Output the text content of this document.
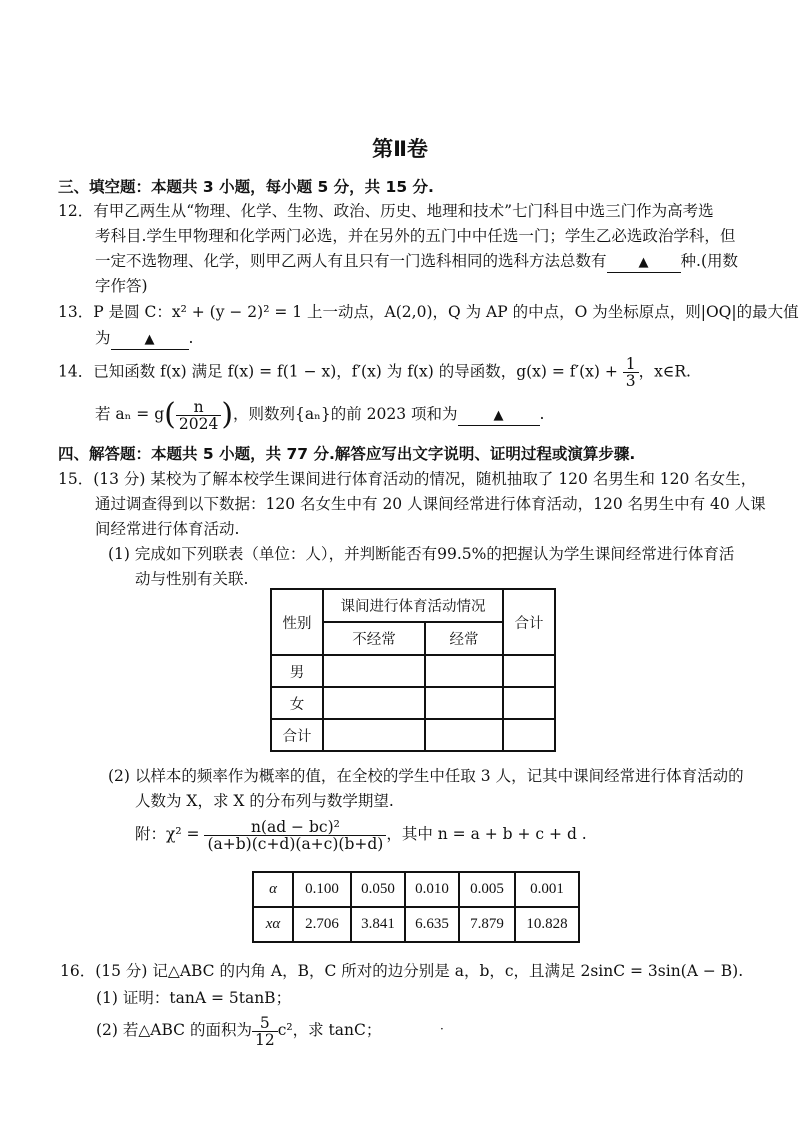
第Ⅱ卷
三、填空题：本题共 3 小题，每小题 5 分，共 15 分.
12．有甲乙两生从“物理、化学、生物、政治、历史、地理和技术”七门科目中选三门作为高考选
考科目.学生甲物理和化学两门必选，并在另外的五门中中任选一门；学生乙必选政治学科，但
一定不选物理、化学，则甲乙两人有且只有一门选科相同的选科方法总数有 ▲ 种.(用数
字作答)
13．P 是圆 C：x² + (y − 2)² = 1 上一动点，A(2,0)，Q 为 AP 的中点，O 为坐标原点，则|OQ|的最大值
为	▲ .
14．已知函数 f(x) 满足 f(x) = f(1 − x)，f′(x) 为 f(x) 的导函数，$g(x) = f'(x) + \frac{1}{3}$ ，x∈R.
若 $a_n = g( \frac{n}{2024}$ )，则数列{aₙ}的前 2023 项和为	▲ .
四、解答题：本题共 5 小题，共 77 分.解答应写出文字说明、证明过程或演算步骤.
15．(13 分) 某校为了解本校学生课间进行体育活动的情况，随机抽取了 120 名男生和 120 名女生，
通过调查得到以下数据：120 名女生中有 20 人课间经常进行体育活动，120 名男生中有 40 人课
间经常进行体育活动.
(1) 完成如下列联表（单位：人），并判断能否有99.5%的把握认为学生课间经常进行体育活
动与性别有关联.
性别	课间进行体育活动情况		合计
	不经常	经常	
男			
女			
合计			
(2) 以样本的频率作为概率的值，在全校的学生中任取 3 人，记其中课间经常进行体育活动的
人数为 X，求 X 的分布列与数学期望.
附：$\chi^2 = \frac{\text{n(ad − bc)²}}{(a+b)(c+d)(a+c)(b+d)}$ ，其中 n = a + b + c + d .
α	0.100	0.050	0.010	0.005	0.001
xα	2.706	3.841	6.635	7.879	10.828
16．(15 分) 记△ABC 的内角 A，B，C 所对的边分别是 a，b，c，且满足 2sinC = 3sin(A − B).
(1) 证明：tanA = 5tanB；
(2) 若△ABC 的面积为 $\frac{5}{12} c^2$，求 tanC；	·
